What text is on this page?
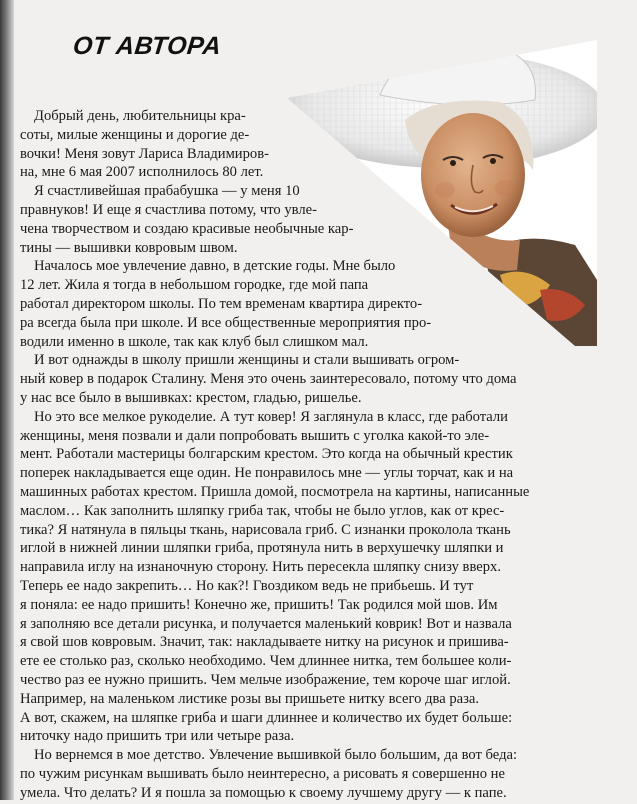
ОТ АВТОРА
Добрый день, любительницы кра-
соты, милые женщины и дорогие де-
вочки! Меня зовут Лариса Владимиров-
на, мне 6 мая 2007 исполнилось 80 лет.
Я счастливейшая прабабушка — у меня 10
правнуков! И еще я счастлива потому, что увле-
чена творчеством и создаю красивые необычные кар-
тины — вышивки ковровым швом.
Началось мое увлечение давно, в детские годы. Мне было
12 лет. Жила я тогда в небольшом городке, где мой папа
работал директором школы. По тем временам квартира директо-
ра всегда была при школе. И все общественные мероприятия про-
водили именно в школе, так как клуб был слишком мал.
И вот однажды в школу пришли женщины и стали вышивать огром-
ный ковер в подарок Сталину. Меня это очень заинтересовало, потому что дома
у нас все было в вышивках: крестом, гладью, ришелье.
Но это все мелкое рукоделие. А тут ковер! Я заглянула в класс, где работали
женщины, меня позвали и дали попробовать вышить с уголка какой-то эле-
мент. Работали мастерицы болгарским крестом. Это когда на обычный крестик
поперек накладывается еще один. Не понравилось мне — углы торчат, как и на
машинных работах крестом. Пришла домой, посмотрела на картины, написанные
маслом… Как заполнить шляпку гриба так, чтобы не было углов, как от крес-
тика? Я натянула в пяльцы ткань, нарисовала гриб. С изнанки проколола ткань
иглой в нижней линии шляпки гриба, протянула нить в верхушечку шляпки и
направила иглу на изнаночную сторону. Нить пересекла шляпку снизу вверх.
Теперь ее надо закрепить… Но как?! Гвоздиком ведь не прибьешь. И тут
я поняла: ее надо пришить! Конечно же, пришить! Так родился мой шов. Им
я заполняю все детали рисунка, и получается маленький коврик! Вот и назвала
я свой шов ковровым. Значит, так: накладываете нитку на рисунок и пришива-
ете ее столько раз, сколько необходимо. Чем длиннее нитка, тем большее коли-
чество раз ее нужно пришить. Чем мельче изображение, тем короче шаг иглой.
Например, на маленьком листике розы вы пришьете нитку всего два раза.
А вот, скажем, на шляпке гриба и шаги длиннее и количество их будет больше:
ниточку надо пришить три или четыре раза.
Но вернемся в мое детство. Увлечение вышивкой было большим, да вот беда:
по чужим рисункам вышивать было неинтересно, а рисовать я совершенно не
умела. Что делать? И я пошла за помощью к своему лучшему другу — к папе.
